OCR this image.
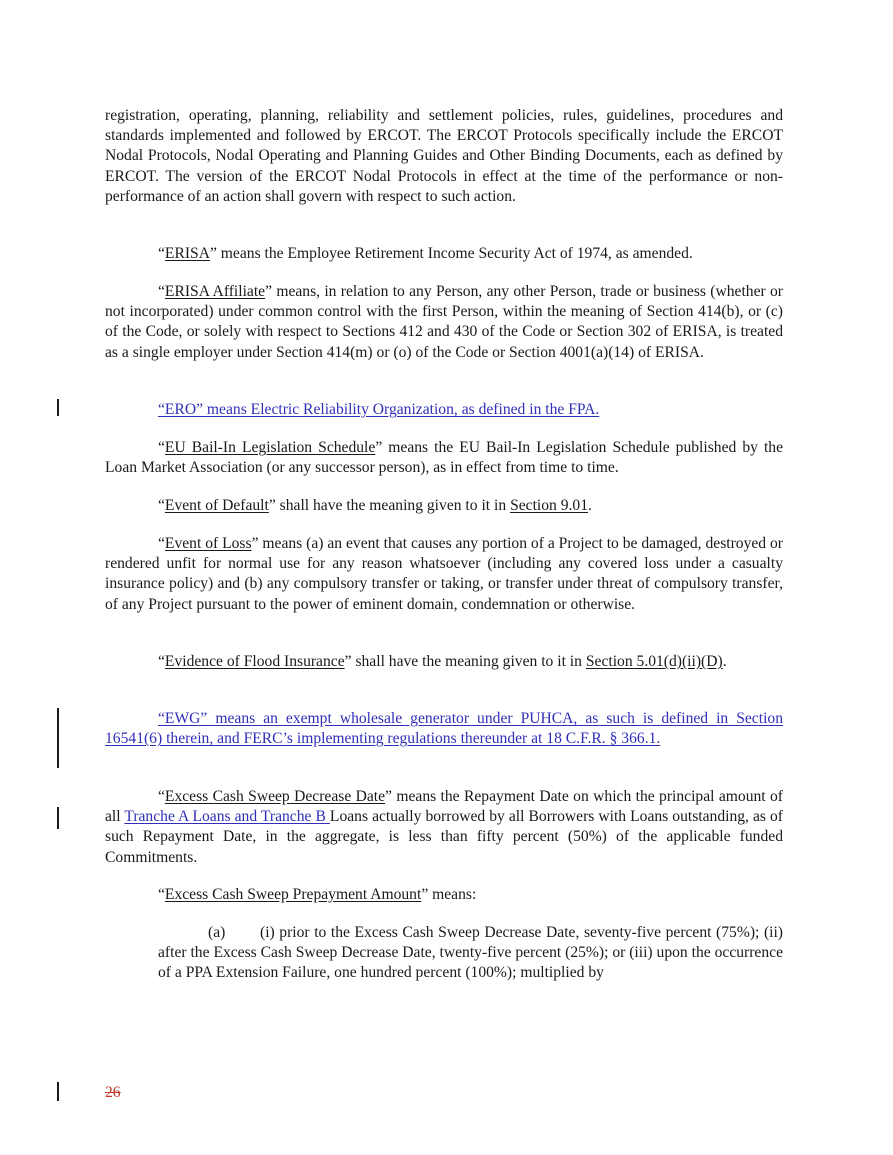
registration, operating, planning, reliability and settlement policies, rules, guidelines, procedures and standards implemented and followed by ERCOT. The ERCOT Protocols specifically include the ERCOT Nodal Protocols, Nodal Operating and Planning Guides and Other Binding Documents, each as defined by ERCOT. The version of the ERCOT Nodal Protocols in effect at the time of the performance or non-performance of an action shall govern with respect to such action.

“ERISA” means the Employee Retirement Income Security Act of 1974, as amended.

“ERISA Affiliate” means, in relation to any Person, any other Person, trade or business (whether or not incorporated) under common control with the first Person, within the meaning of Section 414(b), or (c) of the Code, or solely with respect to Sections 412 and 430 of the Code or Section 302 of ERISA, is treated as a single employer under Section 414(m) or (o) of the Code or Section 4001(a)(14) of ERISA.

“ERO” means Electric Reliability Organization, as defined in the FPA.

“EU Bail-In Legislation Schedule” means the EU Bail-In Legislation Schedule published by the Loan Market Association (or any successor person), as in effect from time to time.

“Event of Default” shall have the meaning given to it in Section 9.01.

“Event of Loss” means (a) an event that causes any portion of a Project to be damaged, destroyed or rendered unfit for normal use for any reason whatsoever (including any covered loss under a casualty insurance policy) and (b) any compulsory transfer or taking, or transfer under threat of compulsory transfer, of any Project pursuant to the power of eminent domain, condemnation or otherwise.

“Evidence of Flood Insurance” shall have the meaning given to it in Section 5.01(d)(ii)(D).

“EWG” means an exempt wholesale generator under PUHCA, as such is defined in Section 16541(6) therein, and FERC’s implementing regulations thereunder at 18 C.F.R. § 366.1.

“Excess Cash Sweep Decrease Date” means the Repayment Date on which the principal amount of all Tranche A Loans and Tranche B Loans actually borrowed by all Borrowers with Loans outstanding, as of such Repayment Date, in the aggregate, is less than fifty percent (50%) of the applicable funded Commitments.

“Excess Cash Sweep Prepayment Amount” means:

(a) (i) prior to the Excess Cash Sweep Decrease Date, seventy-five percent (75%); (ii) after the Excess Cash Sweep Decrease Date, twenty-five percent (25%); or (iii) upon the occurrence of a PPA Extension Failure, one hundred percent (100%); multiplied by

26
